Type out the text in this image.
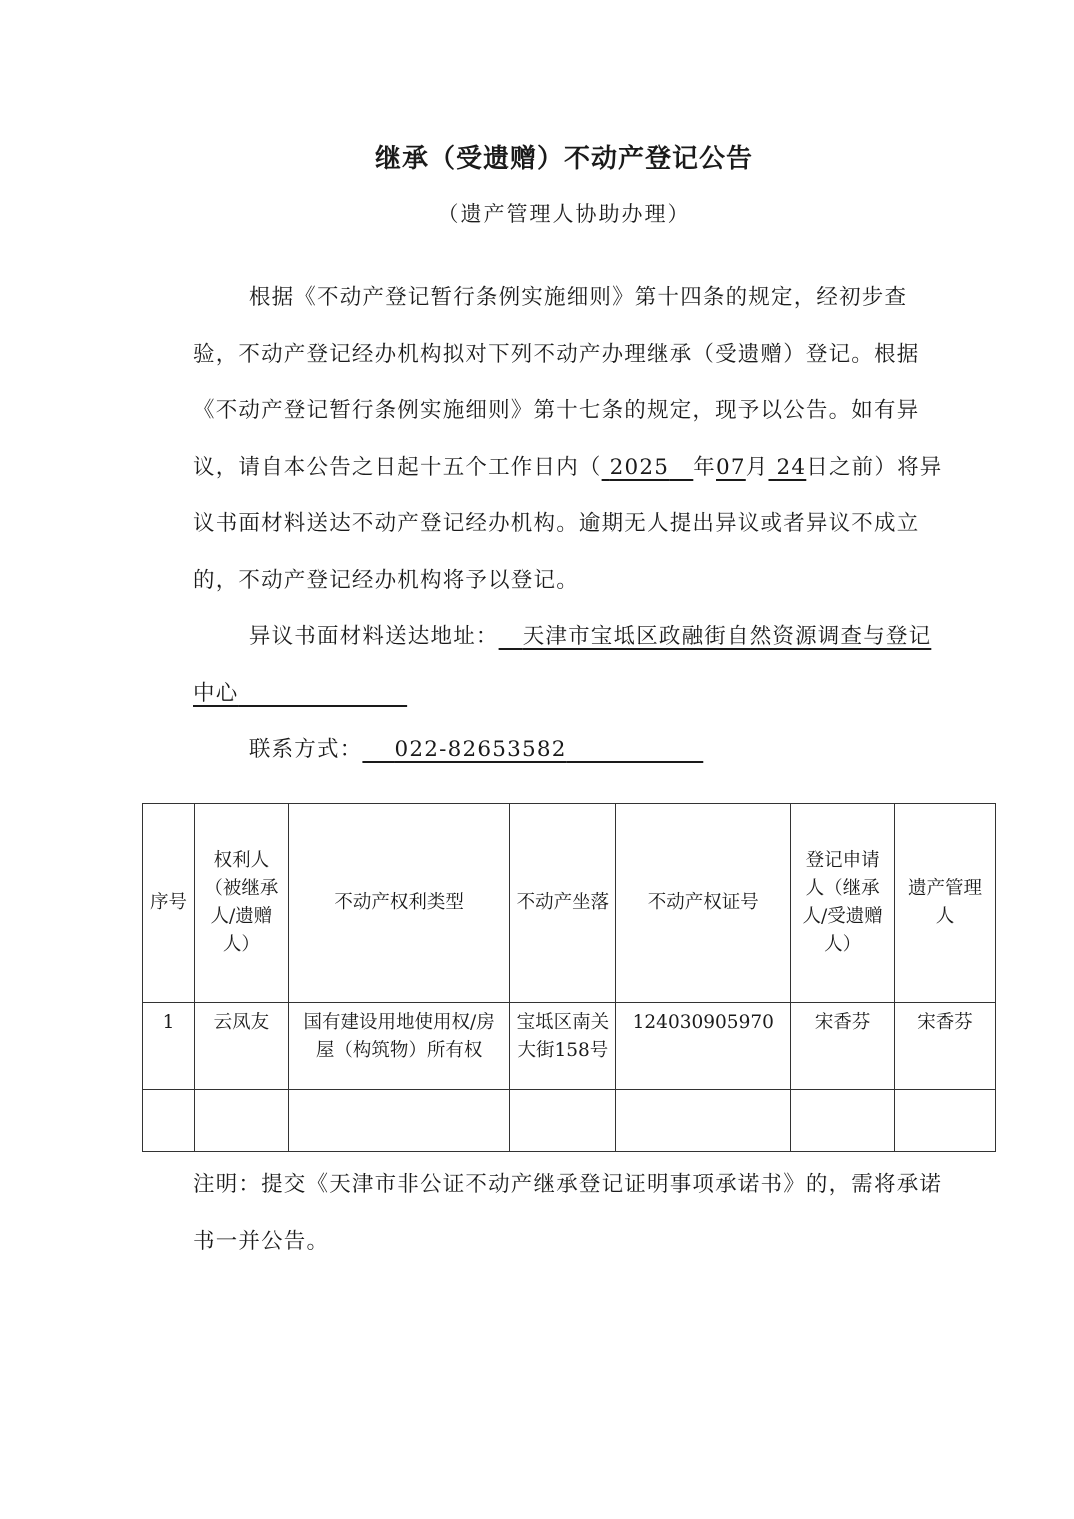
继承（受遗赠）不动产登记公告
（遗产管理人协助办理）

根据《不动产登记暂行条例实施细则》第十四条的规定，经初步查验，不动产登记经办机构拟对下列不动产办理继承（受遗赠）登记。根据《不动产登记暂行条例实施细则》第十七条的规定，现予以公告。如有异议，请自本公告之日起十五个工作日内（ 2025 年07月 24日之前）将异议书面材料送达不动产登记经办机构。逾期无人提出异议或者异议不成立的，不动产登记经办机构将予以登记。

异议书面材料送达地址： 天津市宝坻区政融街自然资源调查与登记中心

联系方式： 022-82653582

序号	权利人（被继承人/遗赠人）	不动产权利类型	不动产坐落	不动产权证号	登记申请人（继承人/受遗赠人）	遗产管理人
1	云凤友	国有建设用地使用权/房屋（构筑物）所有权	宝坻区南关大街158号	124030905970	宋香芬	宋香芬

注明：提交《天津市非公证不动产继承登记证明事项承诺书》的，需将承诺书一并公告。
